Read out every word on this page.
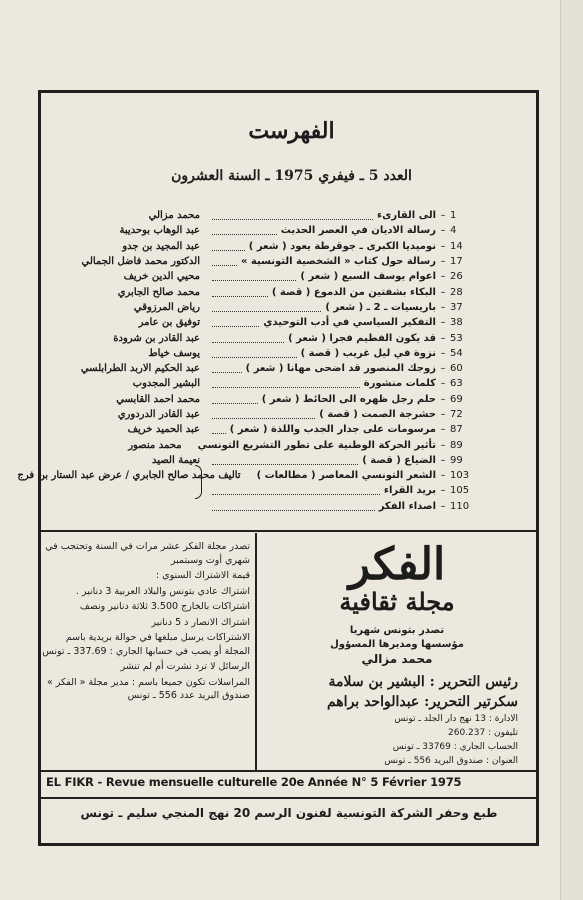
الفهرست
العدد 5 ـ فيفري 1975 ـ السنة العشرون
1
–
الى القارىء
محمد مزالي
4
–
رسالة الاديان في العصر الحديث
عبد الوهاب بوحديبة
14
–
نوميديا الكبرى ـ جوقرطة يعود ( شعر )
عبد المجيد بن جدو
17
–
رسالة حول كتاب « الشخصية التونسية »
الدكتور محمد فاضل الجمالي
26
–
اعوام يوسف السبع ( شعر )
محيي الدين خريف
28
–
البكاء بشفتين من الدموع ( قصة )
محمد صالح الجابري
37
–
باريسيات ـ 2 ـ ( شعر )
رياض المرزوقي
38
–
التفكير السياسي في أدب التوحيدي
توفيق بن عامر
53
–
قد يكون الفطيم فجرا ( شعر )
عبد القادر بن شرودة
54
–
نزوة في ليل غريب ( قصة )
يوسف خياط
60
–
زوجك المنصور قد اضحى مهانا ( شعر )
عبد الحكيم الاربد الطرابلسي
63
–
كلمات منشورة
البشير المجدوب
69
–
حلم رجل ظهره الى الحائط ( شعر )
محمد احمد القابسي
72
–
حشرجة الصمت ( قصة )
عبد القادر الدردوري
87
–
مرسومات على جدار الجدب واللذة ( شعر )
عبد الحميد خريف
89
–
تأثير الحركة الوطنية على تطور التشريع التونسي
محمد منصور
99
–
الضياع ( قصة )
نعيمة الصيد
103
–
الشعر التونسي المعاصر ( مطالعات )
تاليف محمد صالح الجابري / عرض عبد الستار بن فرج
105
–
بريد القراء
110
–
اصداء الفكر

تصدر مجلة الفكر عشر مرات في السنة وتحتجب في شهري أوت وسبتمبر

قيمة الاشتراك السنوي :

اشتراك عادي بتونس والبلاد العربية 3 دنانير .

اشتراكات بالخارج 3.500 ثلاثة دنانير ونصف

اشتراك الانصار د 5 دنانير

الاشتراكات يرسل مبلغها في حوالة بريدية باسم المجلة أو يصب في حسابها الجاري : 337.69 ـ تونس

الرسائل لا ترد نشرت أم لم تنشر

المراسلات تكون جميعا باسم : مدير مجلة « الفكر » صندوق البريد عدد 556 ـ تونس

الفكر
مجلة ثقافية
تصدر بتونس شهريا
مؤسسها ومديرها المسؤول
محمد مزالي
رئيس التحرير : البشير بن سلامة
سكرتير التحرير: عبدالواحد براهم
الادارة : 13 نهج دار الجلد ـ تونس
تليفون : 260.237
الحساب الجاري : 33769 ـ تونس
العنوان : صندوق البريد 556 ـ تونس
EL FIKR - Revue mensuelle culturelle 20e Année N° 5 Février 1975
طبع وحفر الشركة التونسية لفنون الرسم 20 نهج المنجي سليم ـ تونس
